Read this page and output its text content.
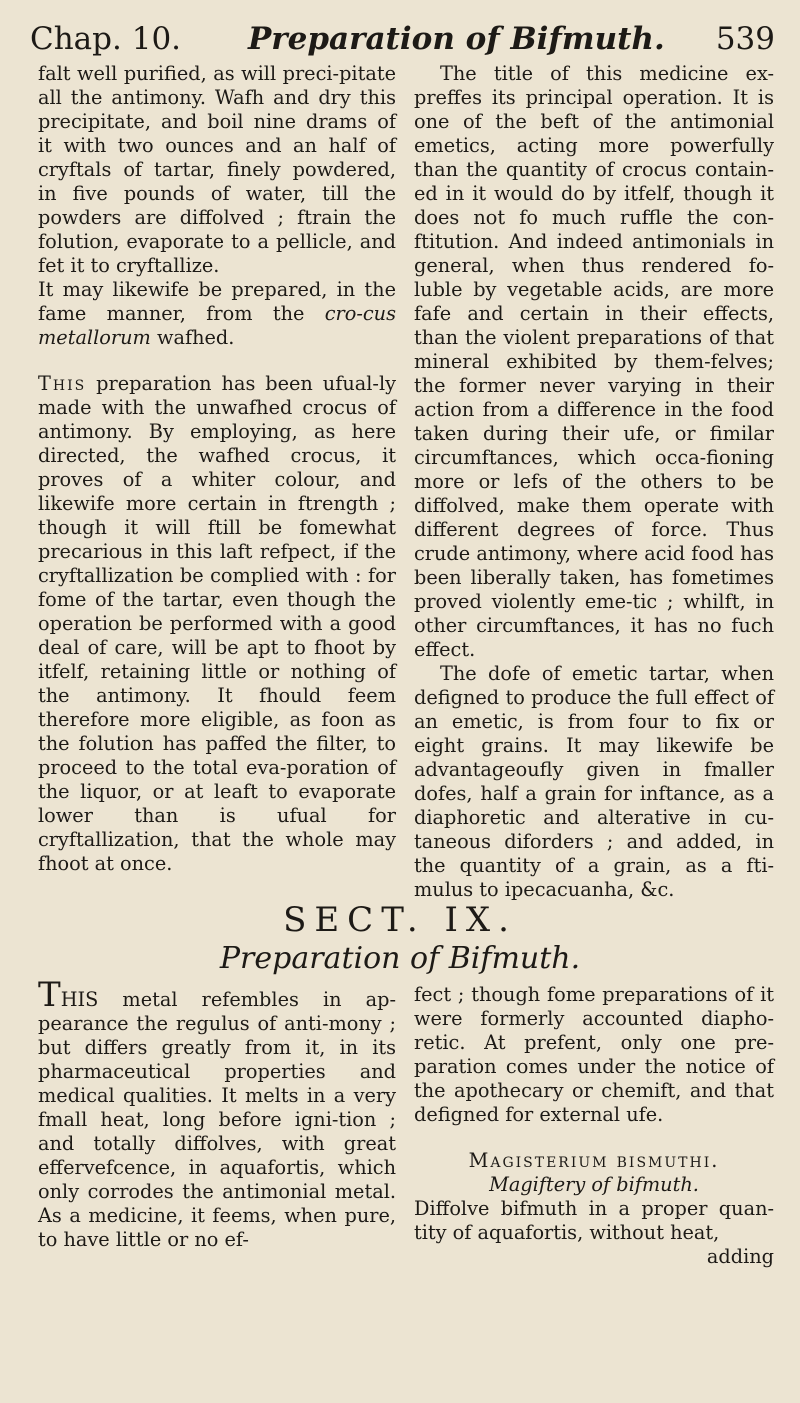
Chap. 10. Preparation of Bifmuth. 539

falt well purified, as will preci-pitate all the antimony. Wafh and dry this precipitate, and boil nine drams of it with two ounces and an half of cryftals of tartar, finely powdered, in five pounds of water, till the powders are diffolved ; ftrain the folution, evaporate to a pellicle, and fet it to cryftallize.

It may likewife be prepared, in the fame manner, from the cro-cus metallorum wafhed.

This preparation has been ufual-ly made with the unwafhed crocus of antimony. By employing, as here directed, the wafhed crocus, it proves of a whiter colour, and likewife more certain in ftrength ; though it will ftill be fomewhat precarious in this laft refpect, if the cryftallization be complied with : for fome of the tartar, even though the operation be performed with a good deal of care, will be apt to fhoot by itfelf, retaining little or nothing of the antimony. It fhould feem therefore more eligible, as foon as the folution has paffed the filter, to proceed to the total eva-poration of the liquor, or at leaft to evaporate lower than is ufual for cryftallization, that the whole may fhoot at once.

The title of this medicine ex-preffes its principal operation. It is one of the beft of the antimonial emetics, acting more powerfully than the quantity of crocus contain-ed in it would do by itfelf, though it does not fo much ruffle the con-ftitution. And indeed antimonials in general, when thus rendered fo-luble by vegetable acids, are more fafe and certain in their effects, than the violent preparations of that mineral exhibited by them-felves; the former never varying in their action from a difference in the food taken during their ufe, or fimilar circumftances, which occa-fioning more or lefs of the others to be diffolved, make them operate with different degrees of force. Thus crude antimony, where acid food has been liberally taken, has fometimes proved violently eme-tic ; whilft, in other circumftances, it has no fuch effect.

The dofe of emetic tartar, when defigned to produce the full effect of an emetic, is from four to fix or eight grains. It may likewife be advantageoufly given in fmaller dofes, half a grain for inftance, as a diaphoretic and alterative in cu-taneous diforders ; and added, in the quantity of a grain, as a fti-mulus to ipecacuanha, &c.

SECT. IX.
Preparation of Bifmuth.

THIS metal refembles in ap-pearance the regulus of anti-mony ; but differs greatly from it, in its pharmaceutical properties and medical qualities. It melts in a very fmall heat, long before igni-tion ; and totally diffolves, with great effervefcence, in aquafortis, which only corrodes the antimonial metal. As a medicine, it feems, when pure, to have little or no ef-

fect ; though fome preparations of it were formerly accounted diapho-retic. At prefent, only one pre-paration comes under the notice of the apothecary or chemift, and that defigned for external ufe.

Magisterium bismuthi.

Magiftery of bifmuth.

Diffolve bifmuth in a proper quan-tity of aquafortis, without heat,

adding
